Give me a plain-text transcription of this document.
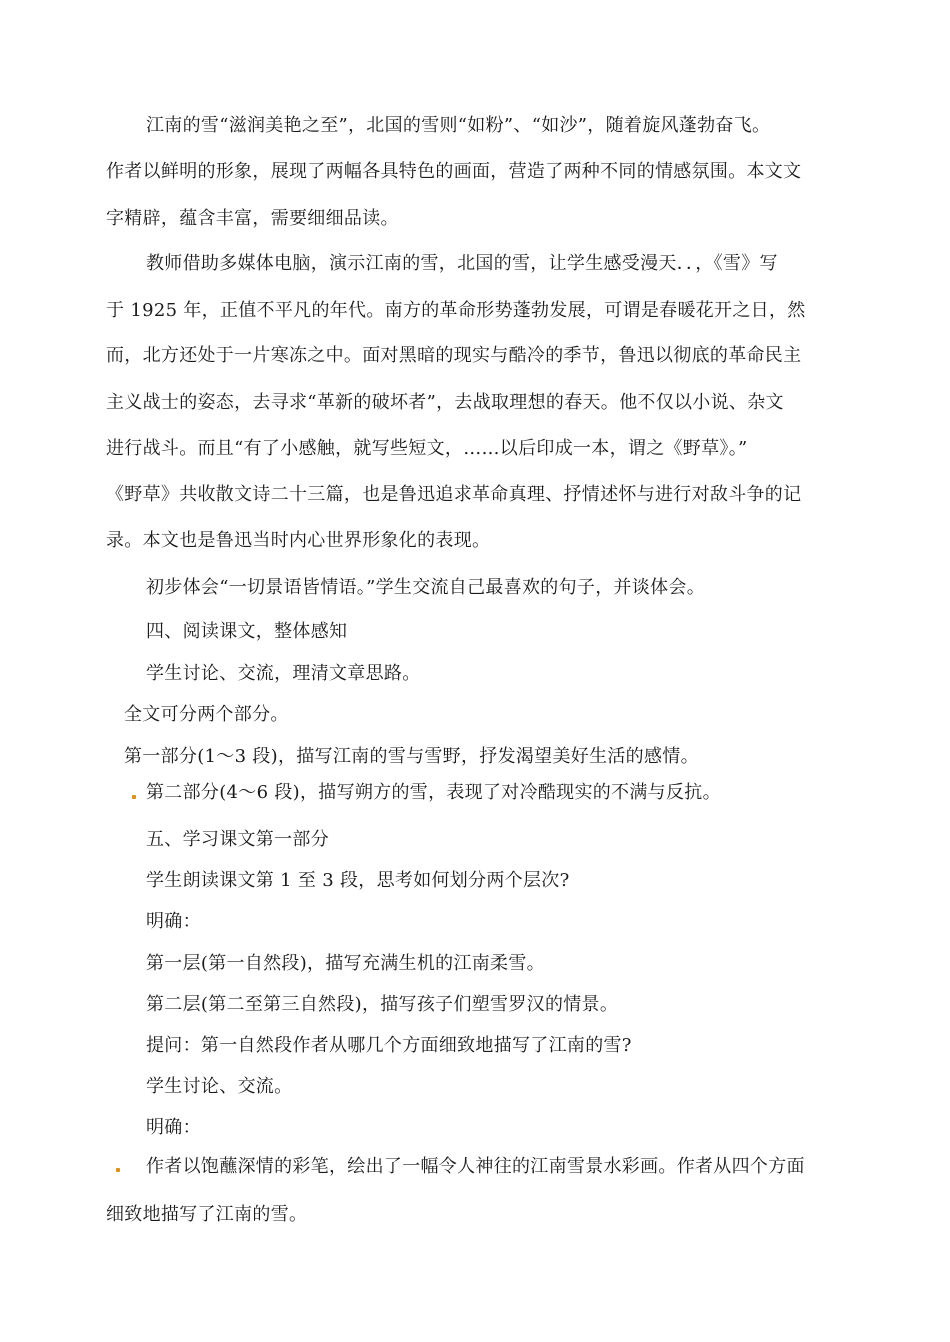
江南的雪“滋润美艳之至”，北国的雪则“如粉”、“如沙”，随着旋风蓬勃奋飞。
作者以鲜明的形象，展现了两幅各具特色的画面，营造了两种不同的情感氛围。本文文
字精辟，蕴含丰富，需要细细品读。
教师借助多媒体电脑，演示江南的雪，北国的雪，让学生感受漫天．．，《雪》写
于 1925 年，正值不平凡的年代。南方的革命形势蓬勃发展，可谓是春暖花开之日，然
而，北方还处于一片寒冻之中。面对黑暗的现实与酷冷的季节，鲁迅以彻底的革命民主
主义战士的姿态，去寻求“革新的破坏者”，去战取理想的春天。他不仅以小说、杂文
进行战斗。而且“有了小感触，就写些短文，……以后印成一本，谓之《野草》。”
《野草》共收散文诗二十三篇，也是鲁迅追求革命真理、抒情述怀与进行对敌斗争的记
录。本文也是鲁迅当时内心世界形象化的表现。
初步体会“一切景语皆情语。”学生交流自己最喜欢的句子，并谈体会。
四、阅读课文，整体感知
学生讨论、交流，理清文章思路。
全文可分两个部分。
第一部分(1～3 段)，描写江南的雪与雪野，抒发渴望美好生活的感情。
第二部分(4～6 段)，描写朔方的雪，表现了对冷酷现实的不满与反抗。
五、学习课文第一部分
学生朗读课文第 1 至 3 段，思考如何划分两个层次?
明确：
第一层(第一自然段)，描写充满生机的江南柔雪。
第二层(第二至第三自然段)，描写孩子们塑雪罗汉的情景。
提问：第一自然段作者从哪几个方面细致地描写了江南的雪?
学生讨论、交流。
明确：
作者以饱蘸深情的彩笔，绘出了一幅令人神往的江南雪景水彩画。作者从四个方面
细致地描写了江南的雪。
